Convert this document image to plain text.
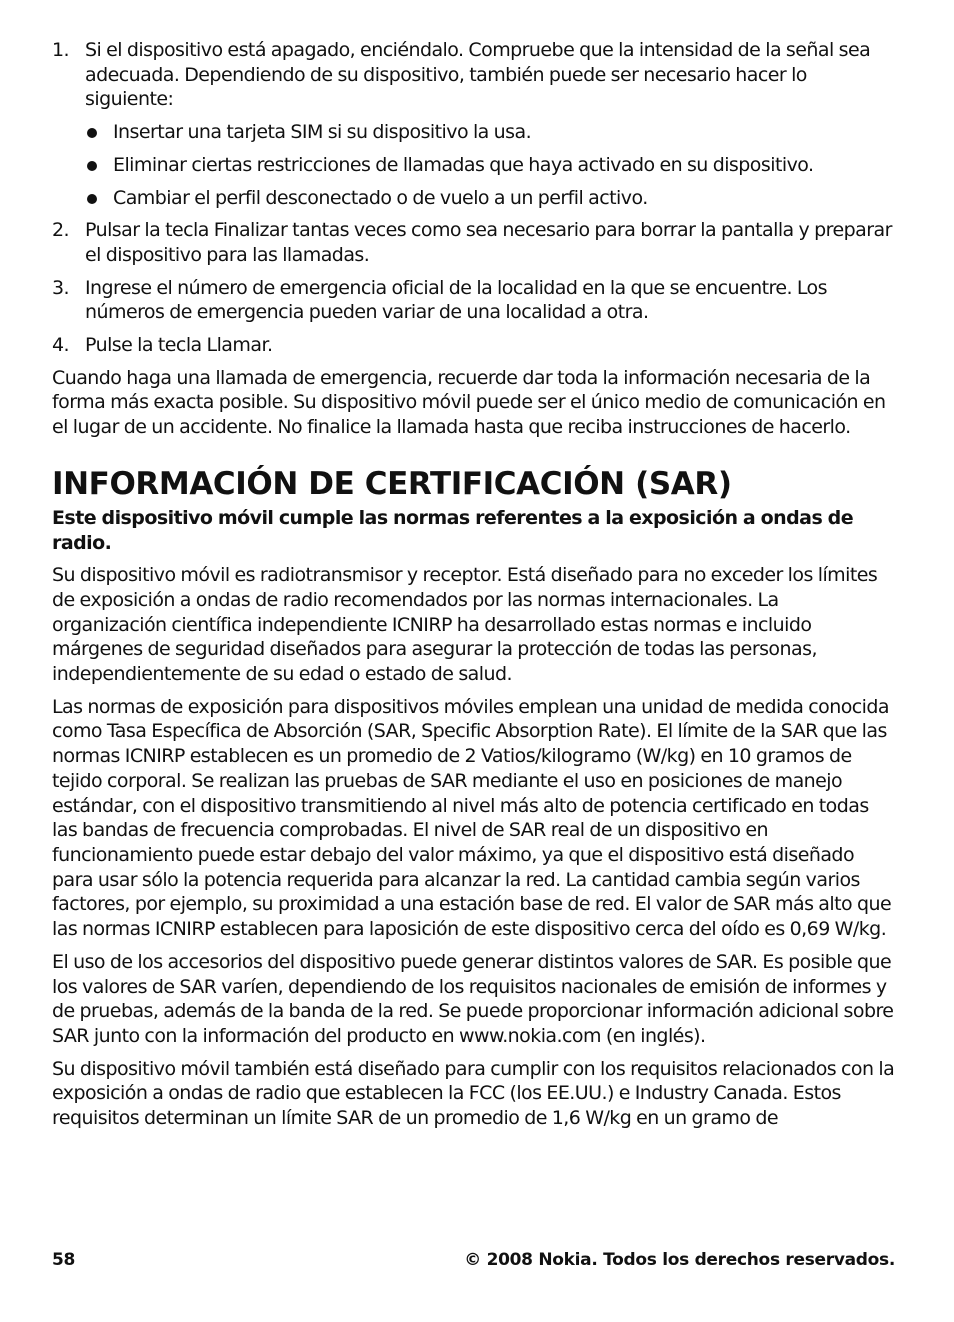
1. Si el dispositivo está apagado, enciéndalo. Compruebe que la intensidad de la señal sea adecuada. Dependiendo de su dispositivo, también puede ser necesario hacer lo siguiente:
Insertar una tarjeta SIM si su dispositivo la usa.
Eliminar ciertas restricciones de llamadas que haya activado en su dispositivo.
Cambiar el perfil desconectado o de vuelo a un perfil activo.
2. Pulsar la tecla Finalizar tantas veces como sea necesario para borrar la pantalla y preparar el dispositivo para las llamadas.
3. Ingrese el número de emergencia oficial de la localidad en la que se encuentre. Los números de emergencia pueden variar de una localidad a otra.
4. Pulse la tecla Llamar.

Cuando haga una llamada de emergencia, recuerde dar toda la información necesaria de la forma más exacta posible. Su dispositivo móvil puede ser el único medio de comunicación en el lugar de un accidente. No finalice la llamada hasta que reciba instrucciones de hacerlo.

INFORMACIÓN DE CERTIFICACIÓN (SAR)

Este dispositivo móvil cumple las normas referentes a la exposición a ondas de radio.

Su dispositivo móvil es radiotransmisor y receptor. Está diseñado para no exceder los límites de exposición a ondas de radio recomendados por las normas internacionales. La organización científica independiente ICNIRP ha desarrollado estas normas e incluido márgenes de seguridad diseñados para asegurar la protección de todas las personas, independientemente de su edad o estado de salud.

Las normas de exposición para dispositivos móviles emplean una unidad de medida conocida como Tasa Específica de Absorción (SAR, Specific Absorption Rate). El límite de la SAR que las normas ICNIRP establecen es un promedio de 2 Vatios/kilogramo (W/kg) en 10 gramos de tejido corporal. Se realizan las pruebas de SAR mediante el uso en posiciones de manejo estándar, con el dispositivo transmitiendo al nivel más alto de potencia certificado en todas las bandas de frecuencia comprobadas. El nivel de SAR real de un dispositivo en funcionamiento puede estar debajo del valor máximo, ya que el dispositivo está diseñado para usar sólo la potencia requerida para alcanzar la red. La cantidad cambia según varios factores, por ejemplo, su proximidad a una estación base de red. El valor de SAR más alto que las normas ICNIRP establecen para laposición de este dispositivo cerca del oído es 0,69 W/kg.

El uso de los accesorios del dispositivo puede generar distintos valores de SAR. Es posible que los valores de SAR varíen, dependiendo de los requisitos nacionales de emisión de informes y de pruebas, además de la banda de la red. Se puede proporcionar información adicional sobre SAR junto con la información del producto en www.nokia.com (en inglés).

Su dispositivo móvil también está diseñado para cumplir con los requisitos relacionados con la exposición a ondas de radio que establecen la FCC (los EE.UU.) e Industry Canada. Estos requisitos determinan un límite SAR de un promedio de 1,6 W/kg en un gramo de

58	© 2008 Nokia. Todos los derechos reservados.
